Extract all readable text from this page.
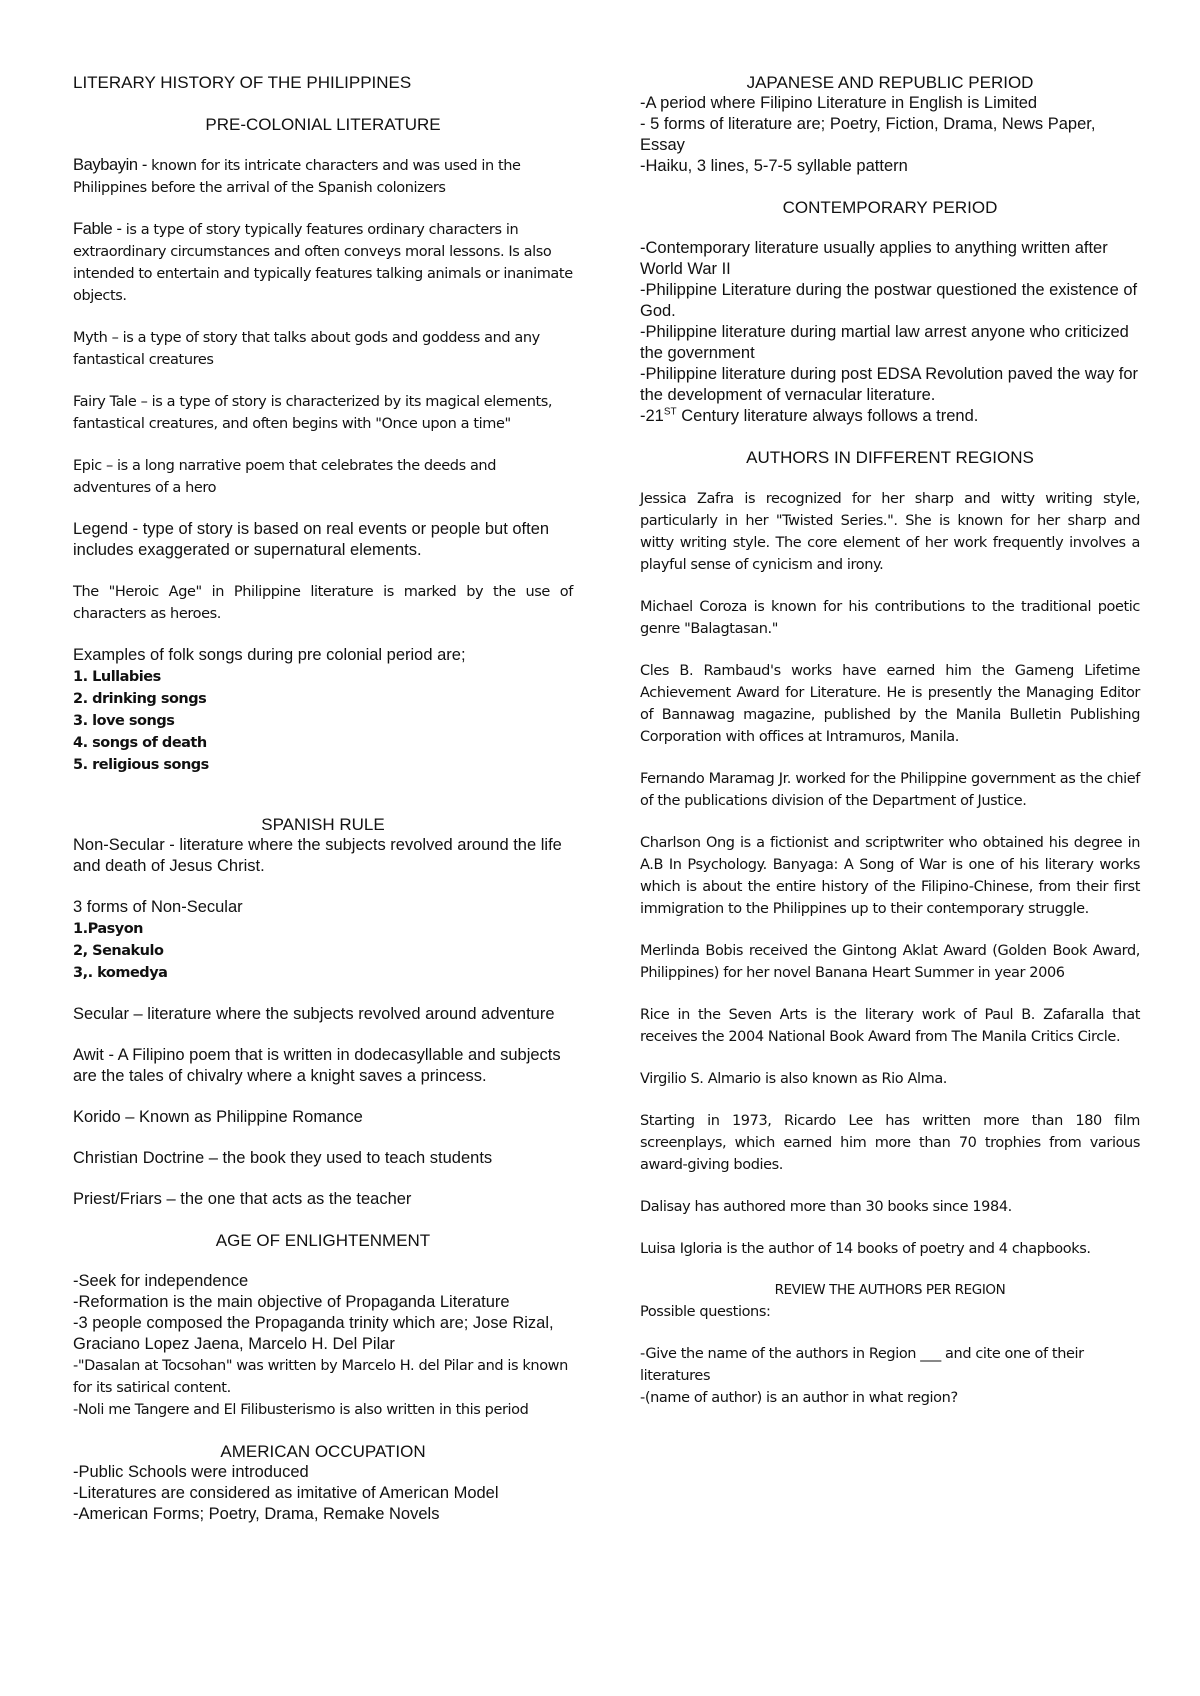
LITERARY HISTORY OF THE PHILIPPINES

PRE-COLONIAL LITERATURE

Baybayin - known for its intricate characters and was used in the Philippines before the arrival of the Spanish colonizers

Fable - is a type of story typically features ordinary characters in extraordinary circumstances and often conveys moral lessons. Is also intended to entertain and typically features talking animals or inanimate objects.

Myth – is a type of story that talks about gods and goddess and any fantastical creatures

Fairy Tale – is a type of story is characterized by its magical elements, fantastical creatures, and often begins with "Once upon a time"

Epic – is a long narrative poem that celebrates the deeds and adventures of a hero

Legend - type of story is based on real events or people but often includes exaggerated or supernatural elements.

The "Heroic Age" in Philippine literature is marked by the use of characters as heroes.

Examples of folk songs during pre colonial period are;

1. Lullabies
2. drinking songs
3. love songs
4. songs of death
5. religious songs

SPANISH RULE

Non-Secular - literature where the subjects revolved around the life and death of Jesus Christ.

3 forms of Non-Secular

1.Pasyon
2, Senakulo
3,. komedya

Secular – literature where the subjects revolved around adventure

Awit - A Filipino poem that is written in dodecasyllable and subjects are the tales of chivalry where a knight saves a princess.

Korido – Known as Philippine Romance

Christian Doctrine – the book they used to teach students

Priest/Friars – the one that acts as the teacher

AGE OF ENLIGHTENMENT

-Seek for independence

-Reformation is the main objective of Propaganda Literature

-3 people composed the Propaganda trinity which are; Jose Rizal, Graciano Lopez Jaena, Marcelo H. Del Pilar

-"Dasalan at Tocsohan" was written by Marcelo H. del Pilar and is known for its satirical content.

-Noli me Tangere and El Filibusterismo is also written in this period

AMERICAN OCCUPATION

-Public Schools were introduced

-Literatures are considered as imitative of American Model

-American Forms; Poetry, Drama, Remake Novels

JAPANESE AND REPUBLIC PERIOD

-A period where Filipino Literature in English is Limited

- 5 forms of literature are; Poetry, Fiction, Drama, News Paper, Essay

-Haiku, 3 lines, 5-7-5 syllable pattern

CONTEMPORARY PERIOD

-Contemporary literature usually applies to anything written after World War II

-Philippine Literature during the postwar questioned the existence of God.

-Philippine literature during martial law arrest anyone who criticized the government

-Philippine literature during post EDSA Revolution paved the way for the development of vernacular literature.

-21ST Century literature always follows a trend.

AUTHORS IN DIFFERENT REGIONS

Jessica Zafra is recognized for her sharp and witty writing style, particularly in her "Twisted Series.". She is known for her sharp and witty writing style. The core element of her work frequently involves a playful sense of cynicism and irony.

Michael Coroza is known for his contributions to the traditional poetic genre "Balagtasan."

Cles B. Rambaud's works have earned him the Gameng Lifetime Achievement Award for Literature. He is presently the Managing Editor of Bannawag magazine, published by the Manila Bulletin Publishing Corporation with offices at Intramuros, Manila.

Fernando Maramag Jr. worked for the Philippine government as the chief of the publications division of the Department of Justice.

Charlson Ong is a fictionist and scriptwriter who obtained his degree in A.B In Psychology. Banyaga: A Song of War is one of his literary works which is about the entire history of the Filipino-Chinese, from their first immigration to the Philippines up to their contemporary struggle.

Merlinda Bobis received the Gintong Aklat Award (Golden Book Award, Philippines) for her novel Banana Heart Summer in year 2006

Rice in the Seven Arts is the literary work of Paul B. Zafaralla that receives the 2004 National Book Award from The Manila Critics Circle.

Virgilio S. Almario is also known as Rio Alma.

Starting in 1973, Ricardo Lee has written more than 180 film screenplays, which earned him more than 70 trophies from various award-giving bodies.

Dalisay has authored more than 30 books since 1984.

Luisa Igloria is the author of 14 books of poetry and 4 chapbooks.

REVIEW THE AUTHORS PER REGION

Possible questions:

-Give the name of the authors in Region ___ and cite one of their literatures

-(name of author) is an author in what region?
